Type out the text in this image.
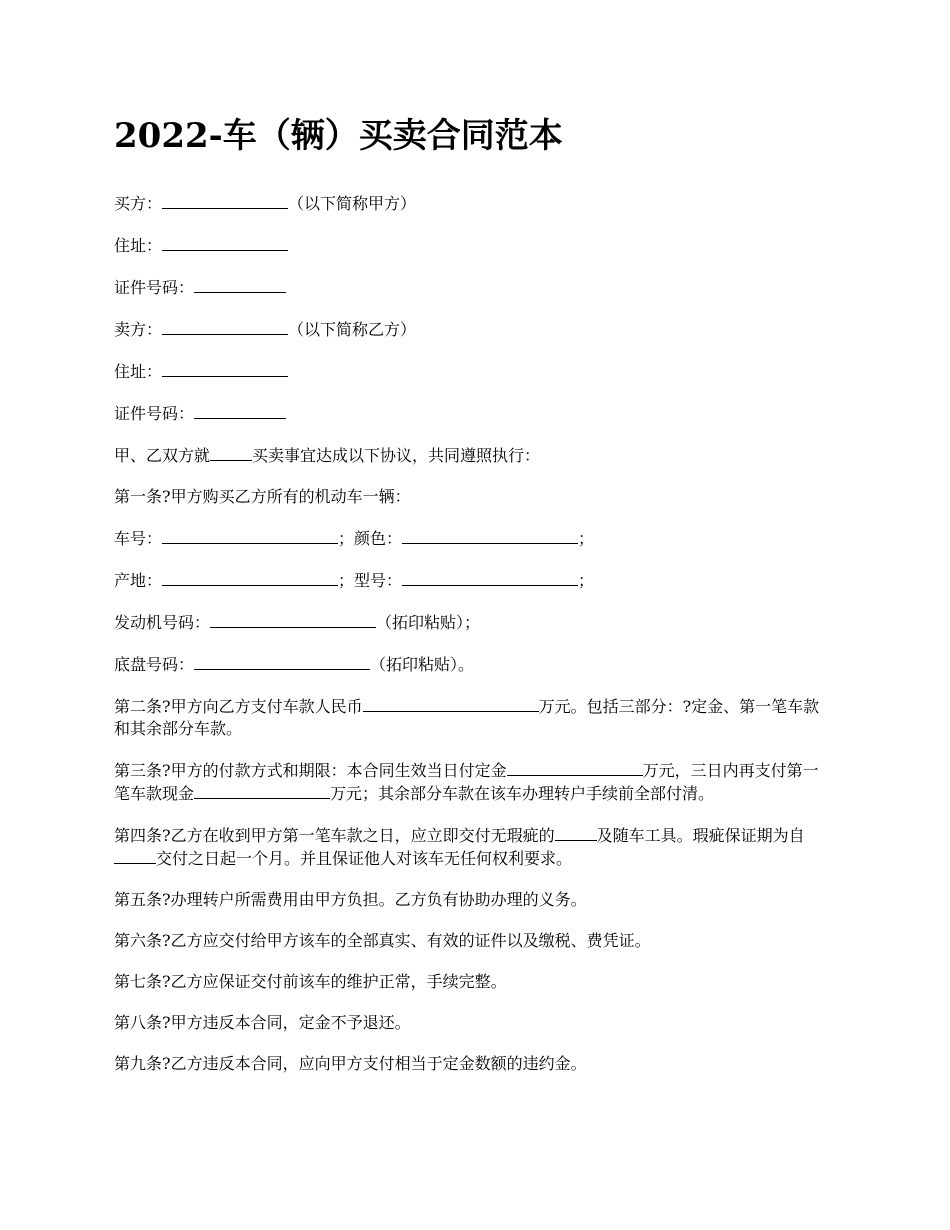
2022-车（辆）买卖合同范本

买方：	（以下简称甲方）

住址：

证件号码：

卖方：	（以下简称乙方）

住址：

证件号码：

甲、乙双方就	买卖事宜达成以下协议，共同遵照执行：

第一条?甲方购买乙方所有的机动车一辆：

车号：	；颜色：	；

产地：	；型号：	；

发动机号码：	（拓印粘贴）；

底盘号码：	（拓印粘贴）。

第二条?甲方向乙方支付车款人民币	万元。包括三部分：?定金、第一笔车款和其余部分车款。

第三条?甲方的付款方式和期限：本合同生效当日付定金	万元，三日内再支付第一笔车款现金	万元；其余部分车款在该车办理转户手续前全部付清。

第四条?乙方在收到甲方第一笔车款之日，应立即交付无瑕疵的	及随车工具。瑕疵保证期为自交付之日起一个月。并且保证他人对该车无任何权利要求。

第五条?办理转户所需费用由甲方负担。乙方负有协助办理的义务。

第六条?乙方应交付给甲方该车的全部真实、有效的证件以及缴税、费凭证。

第七条?乙方应保证交付前该车的维护正常，手续完整。

第八条?甲方违反本合同，定金不予退还。

第九条?乙方违反本合同，应向甲方支付相当于定金数额的违约金。
